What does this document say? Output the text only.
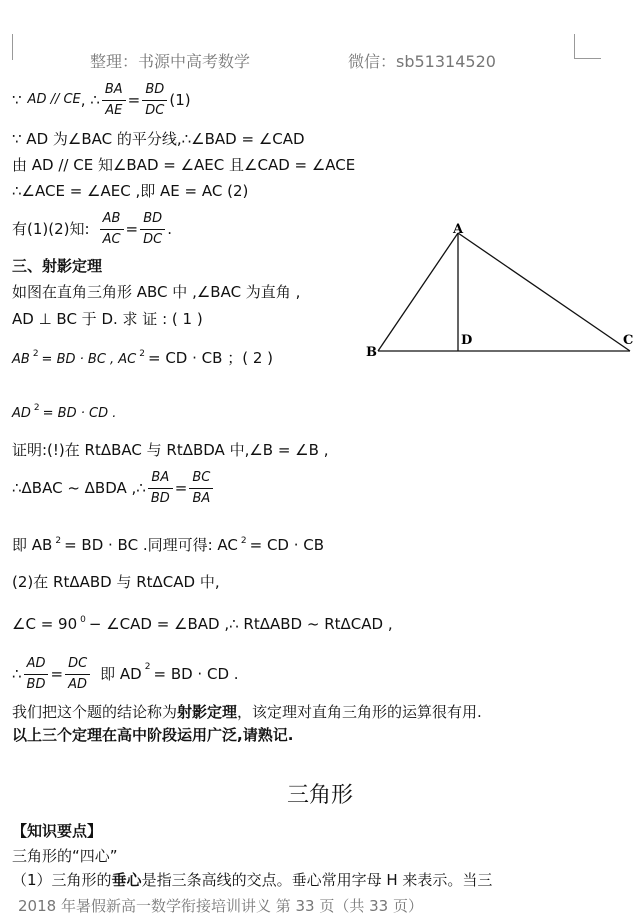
整理：书源中高考数学	微信：sb51314520
∵ AD // CE , ∴ $\frac{BA}{AE} = \frac{BD}{DC} (1)$
∵ AD 为∠BAC 的平分线,∴∠BAD = ∠CAD
由 AD // CE 知∠BAD = ∠AEC 且∠CAD = ∠ACE
∴∠ACE = ∠AEC ,即 AE = AC (2)
有(1)(2)知: $\frac{AB}{AC} = \frac{BD}{DC}$ .
三、射影定理
如图在直角三角形 ABC 中 ,∠BAC 为直角 ,
AD ⊥ BC 于 D. 求 证 : ( 1 )
AB $^2$ = BD · BC , AC $^2$ = CD · CB ；( 2 )
AD $^2$ = BD · CD .
证明:(!)在 RtΔBAC 与 RtΔBDA 中,∠B = ∠B ,
∴ΔBAC ~ ΔBDA ,∴ $\frac{BA}{BD} = \frac{BC}{BA}$
即 AB $^2$ = BD · BC .同理可得: AC $^2$ = CD · CB
(2)在 RtΔABD 与 RtΔCAD 中,
∠C = 90 $^0$ − ∠CAD = ∠BAD ,∴ RtΔABD ~ RtΔCAD ,
∴ $\frac{AD}{BD} = \frac{DC}{AD}$ 即 AD 2 = BD · CD .
我们把这个题的结论称为射影定理，该定理对直角三角形的运算很有用.
以上三个定理在高中阶段运用广泛,请熟记.
A
B
C
D
三角形
【知识要点】
三角形的“四心”
（1）三角形的垂心是指三条高线的交点。垂心常用字母 H 来表示。当三
2018 年暑假新高一数学衔接培训讲义 第 33 页（共 33 页）
